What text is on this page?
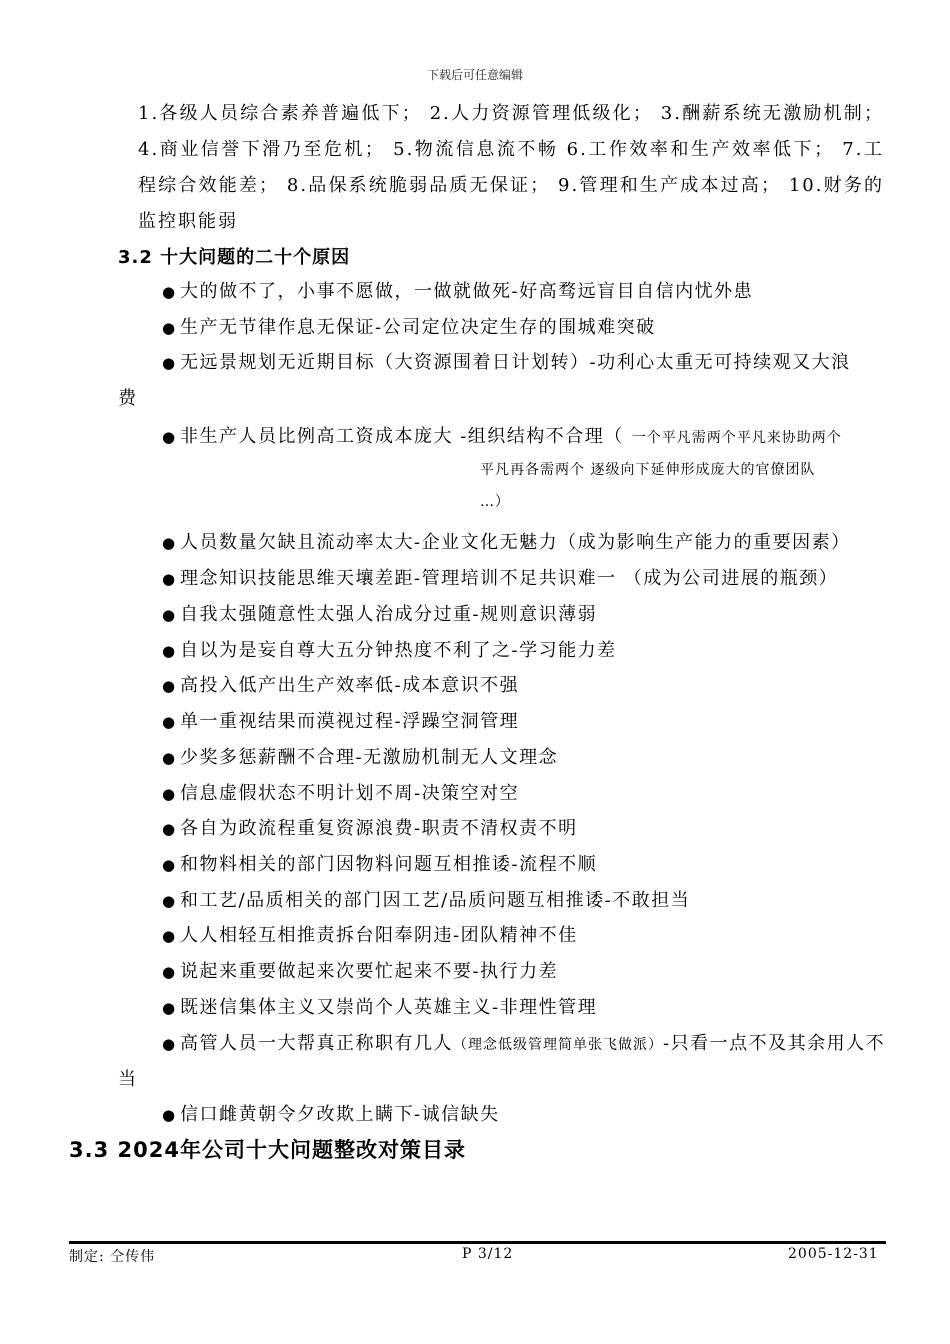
下载后可任意编辑
1.各级人员综合素养普遍低下； 2.人力资源管理低级化； 3.酬薪系统无激励机制； 4.商业信誉下滑乃至危机； 5.物流信息流不畅 6.工作效率和生产效率低下； 7.工程综合效能差； 8.品保系统脆弱品质无保证； 9.管理和生产成本过高； 10.财务的监控职能弱
3.2 十大问题的二十个原因
● 大的做不了，小事不愿做，一做就做死-好高骛远盲目自信内忧外患
● 生产无节律作息无保证-公司定位决定生存的围城难突破
● 无远景规划无近期目标（大资源围着日计划转）-功利心太重无可持续观又大浪
费
● 非生产人员比例高工资成本庞大 -组织结构不合理（ 一个平凡需两个平凡来协助两个
平凡再各需两个 逐级向下延伸形成庞大的官僚团队
…）
● 人员数量欠缺且流动率太大-企业文化无魅力（成为影响生产能力的重要因素）
● 理念知识技能思维天壤差距-管理培训不足共识难一 （成为公司进展的瓶颈）
● 自我太强随意性太强人治成分过重-规则意识薄弱
● 自以为是妄自尊大五分钟热度不利了之-学习能力差
● 高投入低产出生产效率低-成本意识不强
● 单一重视结果而漠视过程-浮躁空洞管理
● 少奖多惩薪酬不合理-无激励机制无人文理念
● 信息虚假状态不明计划不周-决策空对空
● 各自为政流程重复资源浪费-职责不清权责不明
● 和物料相关的部门因物料问题互相推诿-流程不顺
● 和工艺/品质相关的部门因工艺/品质问题互相推诿-不敢担当
● 人人相轻互相推责拆台阳奉阴违-团队精神不佳
● 说起来重要做起来次要忙起来不要-执行力差
● 既迷信集体主义又崇尚个人英雄主义-非理性管理
● 高管人员一大帮真正称职有几人（理念低级管理简单张飞做派）-只看一点不及其余用人不
当
● 信口雌黄朝令夕改欺上瞒下-诚信缺失
3.3 2024年公司十大问题整改对策目录
制定: 仝传伟	P 3/12	2005-12-31
